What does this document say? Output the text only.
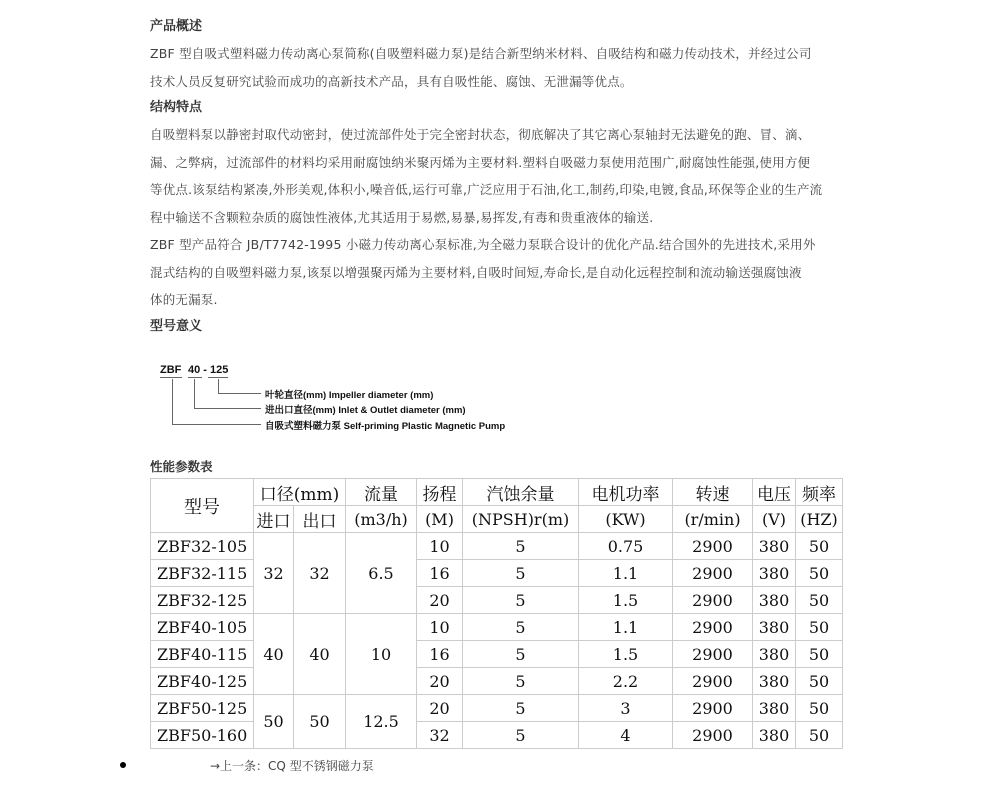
产品概述
ZBF 型自吸式塑料磁力传动离心泵简称(自吸塑料磁力泵)是结合新型纳米材料、自吸结构和磁力传动技术，并经过公司
技术人员反复研究试验而成功的高新技术产品，具有自吸性能、腐蚀、无泄漏等优点。
结构特点
自吸塑料泵以静密封取代动密封，使过流部件处于完全密封状态，彻底解决了其它离心泵轴封无法避免的跑、冒、滴、
漏、之弊病，过流部件的材料均采用耐腐蚀纳米聚丙烯为主要材料.塑料自吸磁力泵使用范围广,耐腐蚀性能强,使用方便
等优点.该泵结构紧凑,外形美观,体积小,噪音低,运行可靠,广泛应用于石油,化工,制药,印染,电镀,食品,环保等企业的生产流
程中输送不含颗粒杂质的腐蚀性液体,尤其适用于易燃,易暴,易挥发,有毒和贵重液体的输送.
ZBF 型产品符合 JB/T7742-1995 小磁力传动离心泵标准,为全磁力泵联合设计的优化产品.结合国外的先进技术,采用外
混式结构的自吸塑料磁力泵,该泵以增强聚丙烯为主要材料,自吸时间短,寿命长,是自动化远程控制和流动输送强腐蚀液
体的无漏泵.
型号意义
ZBF 40 - 125
叶轮直径(mm) Impeller diameter (mm)
进出口直径(mm) Inlet & Outlet diameter (mm)
自吸式塑料磁力泵 Self-priming Plastic Magnetic Pump
性能参数表
型号	口径(mm)		流量	扬程	汽蚀余量	电机功率	转速	电压	频率
	进口	出口	(m3/h)	(M)	(NPSH)r(m)	(KW)	(r/min)	(V)	(HZ)
ZBF32-105	32	32	6.5	10	5	0.75	2900	380	50
ZBF32-115				16	5	1.1	2900	380	50
ZBF32-125				20	5	1.5	2900	380	50
ZBF40-105	40	40	10	10	5	1.1	2900	380	50
ZBF40-115				16	5	1.5	2900	380	50
ZBF40-125				20	5	2.2	2900	380	50
ZBF50-125	50	50	12.5	20	5	3	2900	380	50
ZBF50-160				32	5	4	2900	380	50
→上一条：CQ 型不锈钢磁力泵
